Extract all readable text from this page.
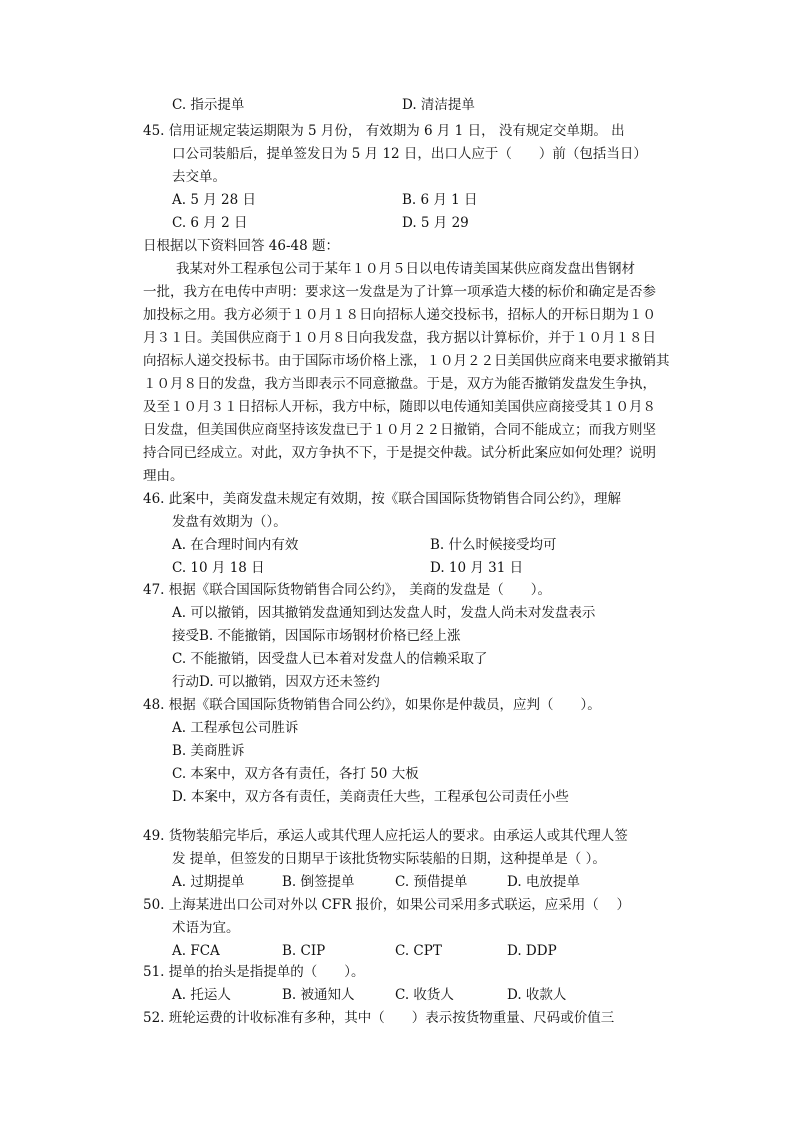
C. 指示提单	D. 清洁提单
45. 信用证规定装运期限为 5 月份， 有效期为 6 月 1 日， 没有规定交单期。 出
口公司装船后，提单签发日为 5 月 12 日，出口人应于（　　）前（包括当日）
去交单。
A. 5 月 28 日	B. 6 月 1 日
C. 6 月 2 日	D. 5 月 29
日根据以下资料回答 46-48 题：
我某对外工程承包公司于某年１０月５日以电传请美国某供应商发盘出售钢材
一批，我方在电传中声明：要求这一发盘是为了计算一项承造大楼的标价和确定是否参
加投标之用。我方必须于１０月１８日向招标人递交投标书，招标人的开标日期为１０
月３１日。美国供应商于１０月８日向我发盘，我方据以计算标价，并于１０月１８日
向招标人递交投标书。由于国际市场价格上涨，１０月２２日美国供应商来电要求撤销其
１０月８日的发盘，我方当即表示不同意撤盘。于是，双方为能否撤销发盘发生争执，
及至１０月３１日招标人开标，我方中标，随即以电传通知美国供应商接受其１０月８
日发盘，但美国供应商坚持该发盘已于１０月２２日撤销，合同不能成立；而我方则坚
持合同已经成立。对此，双方争执不下，于是提交仲裁。试分析此案应如何处理？说明
理由。
46. 此案中，美商发盘未规定有效期，按《联合国国际货物销售合同公约》，理解
发盘有效期为（）。
A. 在合理时间内有效	B. 什么时候接受均可
C. 10 月 18 日	D. 10 月 31 日
47. 根据《联合国国际货物销售合同公约》， 美商的发盘是（　　）。
A. 可以撤销，因其撤销发盘通知到达发盘人时，发盘人尚未对发盘表示
接受B. 不能撤销，因国际市场钢材价格已经上涨
C. 不能撤销，因受盘人已本着对发盘人的信赖采取了
行动D. 可以撤销，因双方还未签约
48. 根据《联合国国际货物销售合同公约》，如果你是仲裁员，应判（　　）。
A. 工程承包公司胜诉
B. 美商胜诉
C. 本案中，双方各有责任，各打 50 大板
D. 本案中，双方各有责任，美商责任大些，工程承包公司责任小些
49. 货物装船完毕后，承运人或其代理人应托运人的要求。由承运人或其代理人签
发 提单，但签发的日期早于该批货物实际装船的日期，这种提单是（ ）。
A. 过期提单	B. 倒签提单	C. 预借提单	D. 电放提单
50. 上海某进出口公司对外以 CFR 报价，如果公司采用多式联运，应采用（　 ）
术语为宜。
A. FCA	B. CIP	C. CPT	D. DDP
51. 提单的抬头是指提单的（　　）。
A. 托运人	B. 被通知人	C. 收货人	D. 收款人
52. 班轮运费的计收标准有多种，其中（　　）表示按货物重量、尺码或价值三
